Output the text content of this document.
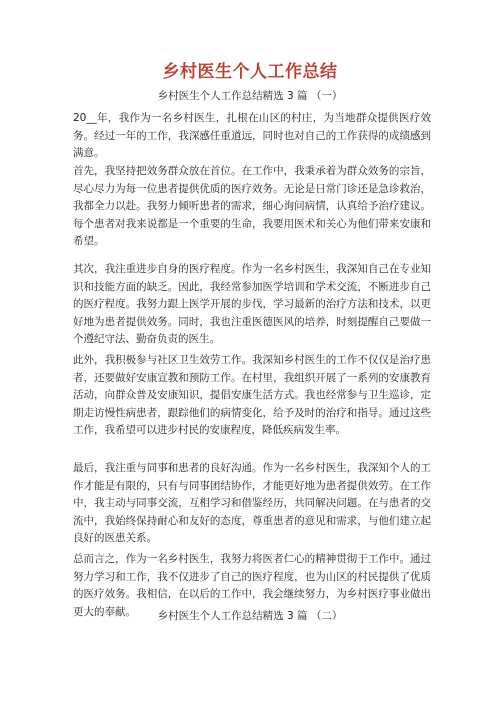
乡村医生个人工作总结
乡村医生个人工作总结精选 3 篇 （一）
20__年，我作为一名乡村医生，扎根在山区的村庄，为当地群众提供医疗效务。经过一年的工作，我深感任重道远，同时也对自己的工作获得的成绩感到满意。
首先，我坚持把效务群众放在首位。在工作中，我秉承着为群众效务的宗旨，尽心尽力为每一位患者提供优质的医疗效务。无论是日常门诊还是急诊救治，我都全力以赴。我努力倾听患者的需求，细心询问病情，认真给予治疗建议。每个患者对我来说都是一个重要的生命，我要用医术和关心为他们带来安康和希望。
其次，我注重进步自身的医疗程度。作为一名乡村医生，我深知自己在专业知识和技能方面的缺乏。因此，我经常参加医学培训和学术交流，不断进步自己的医疗程度。我努力跟上医学开展的步伐，学习最新的治疗方法和技术，以更好地为患者提供效务。同时，我也注重医德医风的培养，时刻提醒自己要做一个遵纪守法、勤奋负责的医生。
此外，我积极参与社区卫生效劳工作。我深知乡村医生的工作不仅仅是治疗患者，还要做好安康宣教和预防工作。在村里，我组织开展了一系列的安康教育活动，向群众普及安康知识，提倡安康生活方式。我也经常参与卫生巡诊，定期走访慢性病患者，跟踪他们的病情变化，给予及时的治疗和指导。通过这些工作，我希望可以进步村民的安康程度，降低疾病发生率。
最后，我注重与同事和患者的良好沟通。作为一名乡村医生，我深知个人的工作才能是有限的，只有与同事团结协作，才能更好地为患者提供效劳。在工作中，我主动与同事交流，互相学习和借鉴经历，共同解决问题。在与患者的交流中，我始终保持耐心和友好的态度，尊重患者的意见和需求，与他们建立起良好的医患关系。
总而言之，作为一名乡村医生，我努力将医者仁心的精神贯彻于工作中。通过努力学习和工作，我不仅进步了自己的医疗程度，也为山区的村民提供了优质的医疗效务。我相信，在以后的工作中，我会继续努力，为乡村医疗事业做出更大的奉献。	乡村医生个人工作总结精选 3 篇 （二）
